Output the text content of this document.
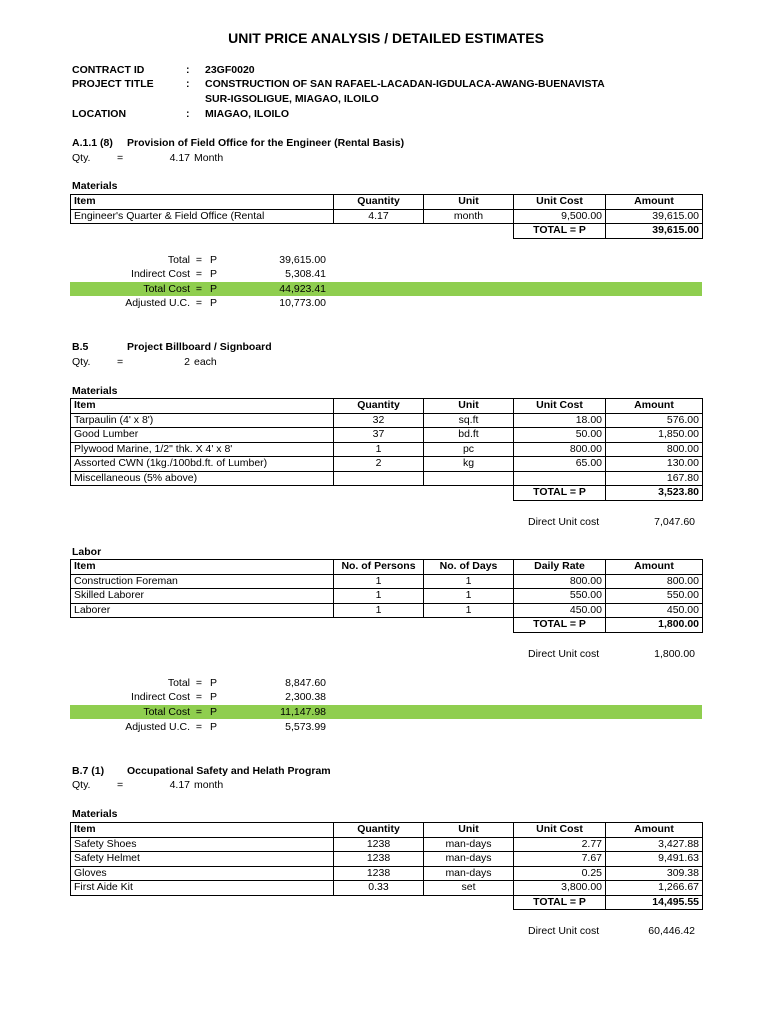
UNIT PRICE ANALYSIS / DETAILED ESTIMATES
CONTRACT ID	: 23GF0020
PROJECT TITLE	: CONSTRUCTION OF SAN RAFAEL-LACADAN-IGDULACA-AWANG-BUENAVISTA
SUR-IGSOLIGUE, MIAGAO, ILOILO
LOCATION	: MIAGAO, ILOILO
A.1.1 (8) Provision of Field Office for the Engineer (Rental Basis)
Qty.	=	4.17 Month
Materials
Item	Quantity	Unit	Unit Cost	Amount
Engineer's Quarter & Field Office (Rental	4.17	month	9,500.00	39,615.00
			TOTAL = P	39,615.00
Total = P	39,615.00
Indirect Cost = P	5,308.41
Total Cost = P	44,923.41
Adjusted U.C. = P	10,773.00
B.5	Project Billboard / Signboard
Qty.	=	2 each
Materials
Item	Quantity	Unit	Unit Cost	Amount
Tarpaulin (4' x 8')	32	sq.ft	18.00	576.00
Good Lumber	37	bd.ft	50.00	1,850.00
Plywood Marine, 1/2" thk. X 4' x 8'	1	pc	800.00	800.00
Assorted CWN (1kg./100bd.ft. of Lumber)	2	kg	65.00	130.00
Miscellaneous (5% above)				167.80
			TOTAL = P	3,523.80
Direct Unit cost	7,047.60
Labor
Item	No. of Persons	No. of Days	Daily Rate	Amount
Construction Foreman	1	1	800.00	800.00
Skilled Laborer	1	1	550.00	550.00
Laborer	1	1	450.00	450.00
			TOTAL = P	1,800.00
Direct Unit cost	1,800.00
Total = P	8,847.60
Indirect Cost = P	2,300.38
Total Cost = P	11,147.98
Adjusted U.C. = P	5,573.99
B.7 (1) Occupational Safety and Helath Program
Qty.	=	4.17 month
Materials
Item	Quantity	Unit	Unit Cost	Amount
Safety Shoes	1238	man-days	2.77	3,427.88
Safety Helmet	1238	man-days	7.67	9,491.63
Gloves	1238	man-days	0.25	309.38
First Aide Kit	0.33	set	3,800.00	1,266.67
			TOTAL = P	14,495.55
Direct Unit cost	60,446.42
